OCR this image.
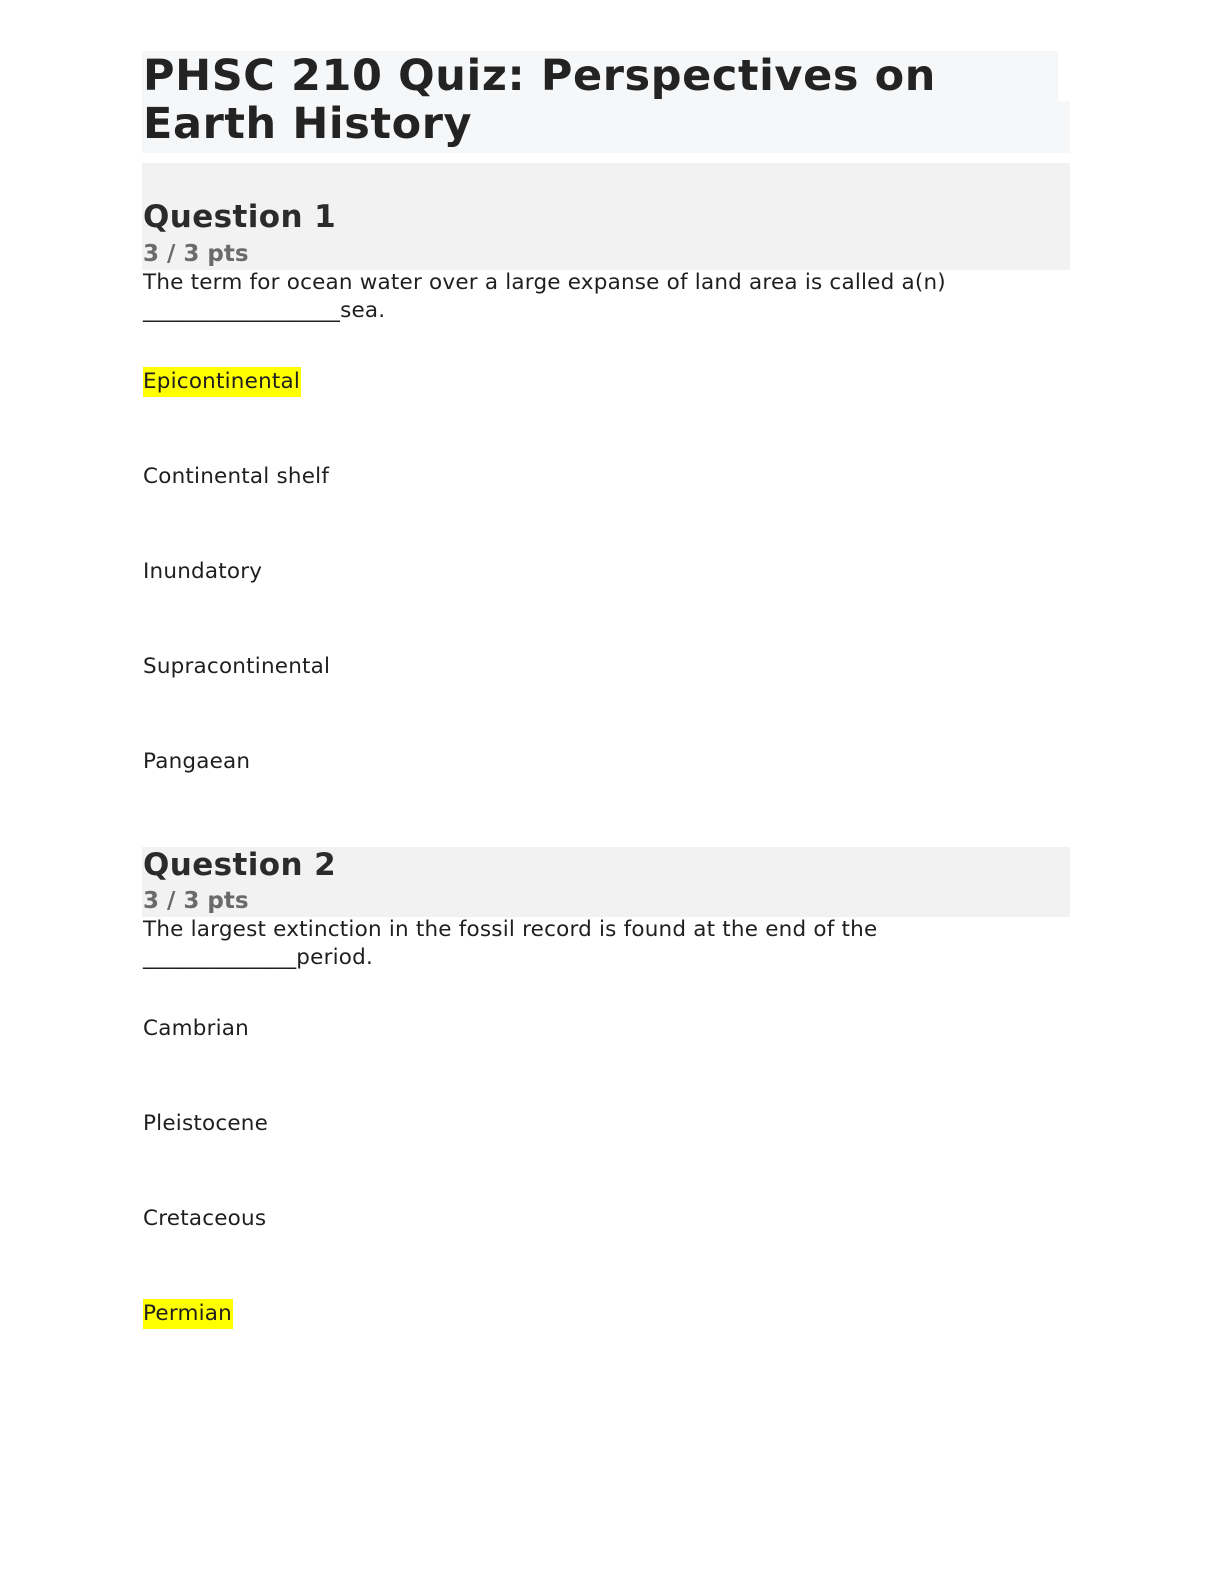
PHSC 210 Quiz: Perspectives on Earth History
Question 1
3 / 3 pts
The term for ocean water over a large expanse of land area is called a(n)
__________________sea.
Epicontinental
Continental shelf
Inundatory
Supracontinental
Pangaean
Question 2
3 / 3 pts
The largest extinction in the fossil record is found at the end of the
______________period.
Cambrian
Pleistocene
Cretaceous
Permian
